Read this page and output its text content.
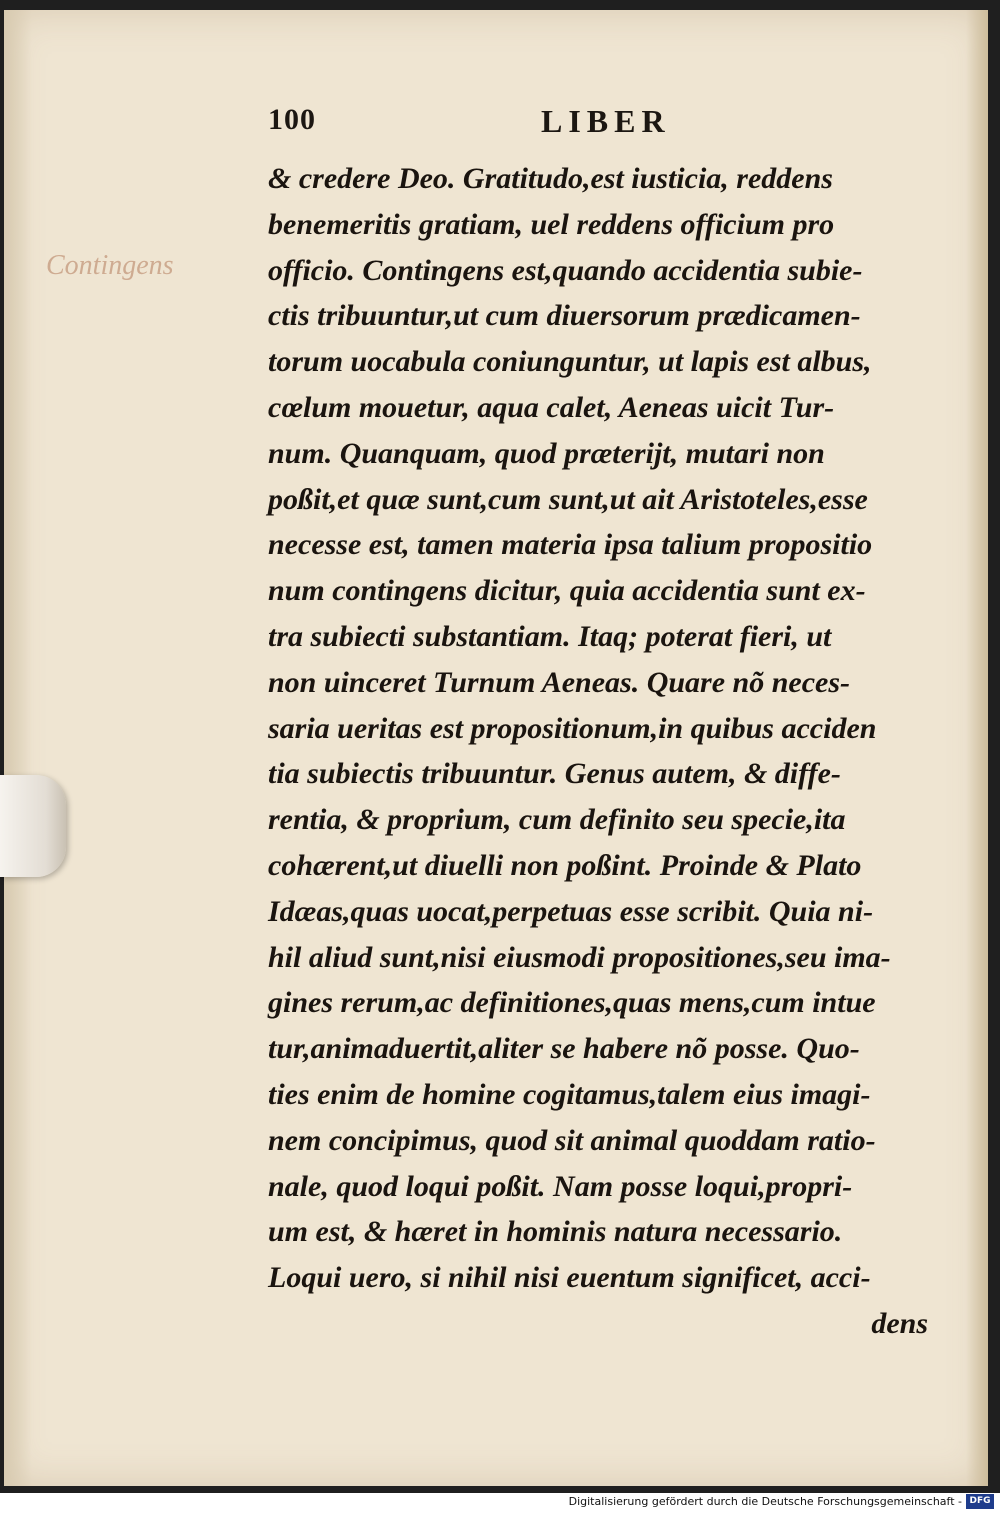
Contingens
100	LIBER
& credere Deo. Gratitudo,est iusticia, reddens
benemeritis gratiam, uel reddens officium pro
officio. Contingens est,quando accidentia subie-
ctis tribuuntur,ut cum diuersorum prædicamen-
torum uocabula coniunguntur, ut lapis est albus,
cœlum mouetur, aqua calet, Aeneas uicit Tur-
num. Quanquam, quod præterijt, mutari non
poßit,et quæ sunt,cum sunt,ut ait Aristoteles,esse
necesse est, tamen materia ipsa talium propositio
num contingens dicitur, quia accidentia sunt ex-
tra subiecti substantiam. Itaq; poterat fieri, ut
non uinceret Turnum Aeneas. Quare nõ neces-
saria ueritas est propositionum,in quibus acciden
tia subiectis tribuuntur. Genus autem, & diffe-
rentia, & proprium, cum definito seu specie,ita
cohærent,ut diuelli non poßint. Proinde & Plato
Idæas,quas uocat,perpetuas esse scribit. Quia ni-
hil aliud sunt,nisi eiusmodi propositiones,seu ima-
gines rerum,ac definitiones,quas mens,cum intue
tur,animaduertit,aliter se habere nõ posse. Quo-
ties enim de homine cogitamus,talem eius imagi-
nem concipimus, quod sit animal quoddam ratio-
nale, quod loqui poßit. Nam posse loqui,propri-
um est, & hæret in hominis natura necessario.
Loqui uero, si nihil nisi euentum significet, acci-
dens
Digitalisierung gefördert durch die Deutsche Forschungsgemeinschaft - DFG
